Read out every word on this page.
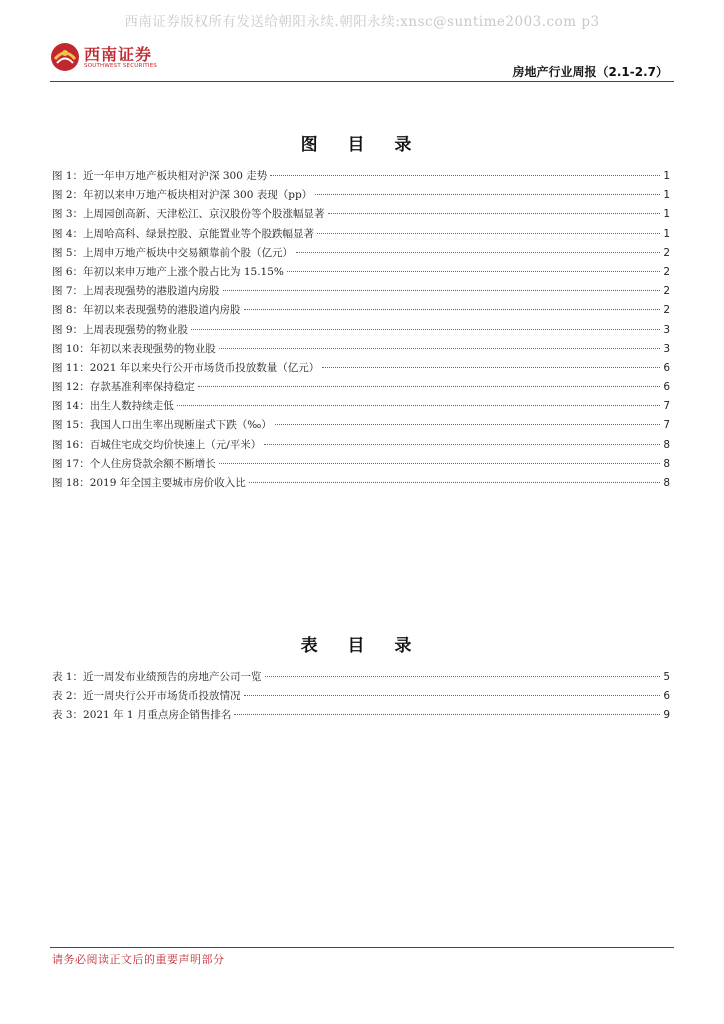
西南证券版权所有发送给朝阳永续.朝阳永续:xnsc@suntime2003.com p3
西南证券
SOUTHWEST SECURITIES	房地产行业周报（2.1-2.7）
图 目 录
图 1：近一年申万地产板块相对沪深 300 走势	1
图 2：年初以来申万地产板块相对沪深 300 表现（pp）	1
图 3：上周园创高新、天津松江、京汉股份等个股涨幅显著	1
图 4：上周哈高科、绿景控股、京能置业等个股跌幅显著	1
图 5：上周申万地产板块中交易额靠前个股（亿元）	2
图 6：年初以来申万地产上涨个股占比为 15.15%	2
图 7：上周表现强势的港股道内房股	2
图 8：年初以来表现强势的港股道内房股	2
图 9：上周表现强势的物业股	3
图 10：年初以来表现强势的物业股	3
图 11：2021 年以来央行公开市场货币投放数量（亿元）	6
图 12：存款基准利率保持稳定	6
图 14：出生人数持续走低	7
图 15：我国人口出生率出现断崖式下跌（‰）	7
图 16：百城住宅成交均价快速上（元/平米）	8
图 17：个人住房贷款余额不断增长	8
图 18：2019 年全国主要城市房价收入比	8
表 目 录
表 1：近一周发布业绩预告的房地产公司一览	5
表 2：近一周央行公开市场货币投放情况	6
表 3：2021 年 1 月重点房企销售排名	9
请务必阅读正文后的重要声明部分
